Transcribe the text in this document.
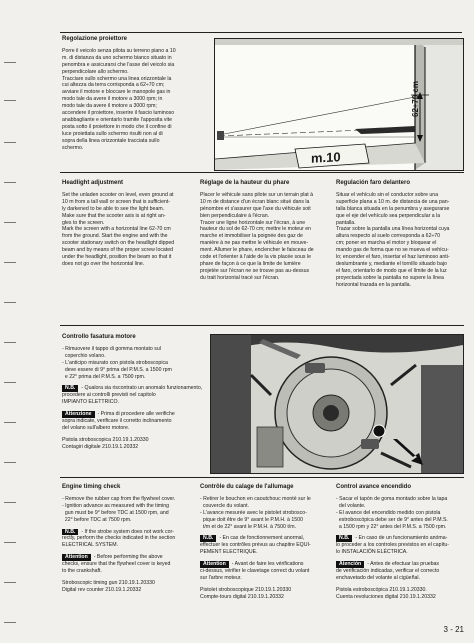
Regolazione proiettore

Porre il veicolo senza pilota su terreno piano a 10
m. di distanza da uno schermo bianco situato in
penombra e assicurarsi che l'asse del veicolo sia
perpendicolare allo schermo.
Tracciare sullo schermo una linea orizzontale la
cui altezza da terra corrisponda a 62÷70 cm;
avviare il motore e bloccare le manopole gas in
modo tale da avere il motore a 3000 rpm; in
modo tale da avere il motore a 3000 rpm;
accendere il proiettore, inserire il fascio luminoso
anabbagliante e orientarlo tramite l'apposita vite
posta sotto il proiettore in modo che il confine di
luce proiettata sullo schermo risulti non al di
sopra della linea orizzontale tracciata sullo
schermo.

m.10
62÷70 cm
Headlight adjustment

Set the unladen scooter on level, even ground at
10 m from a tall wall or screen that is sufficient-
ly darkened to be able to see the light beam.
Make sure that the scooter axis is at right an-
gles to the screen.
Mark the screen with a horizontal line 62-70 cm
from the ground. Start the engine and with the
scooter stationary switch on the headlight dipped
beam and by means of the proper screw located
under the headlight, position the beam so that it
does not go over the horizontal line.

Réglage de la hauteur du phare

Placer le véhicule sans pilote sur un terrain plat à
10 m de distance d'un écran blanc situé dans la
pénombre et s'assurer que l'axe du véhicule soit
bien perpendiculaire à l'écran.
Tracer une ligne horizontale sur l'écran, à une
hauteur du sol de 62-70 cm; mettre le moteur en
marche et immobiliser la poignée des gaz de
manière à ne pas mettre le véhicule en mouve-
ment. Allumer le phare, enclencher le faisceau de
code et l'orienter à l'aide de la vis placée sous le
phare de façon à ce que la limite de lumière
projetée sur l'écran ne se trouve pas au-dessus
du trait horizontal tracé sur l'écran.

Regulación faro delantero

Situar el vehículo sin el conductor sobre una
superficie plana a 10 m. de distancia de una pan-
talla blanca situada en la penumbra y asegurarse
que el eje del vehículo sea perpendicular a la
pantalla.
Trazar sobre la pantalla una línea horizontal cuya
altura respecto al suelo corresponda a 62÷70
cm; poner en marcha el motor y bloquear el
mando gas de forma que no se mueva el vehícu-
lo; encender el faro, insertar el haz luminoso anti-
deslumbrante y, mediante el tornillo situado bajo
el faro, orientarlo de modo que el límite de la luz
proyectada sobre la pantalla no supere la línea
horizontal trazada en la pantalla.

Controllo fasatura motore

- Rimuovere il tappo di gomma montato sul
coperchio volano.
- L'anticipo misurato con pistola stroboscopica
deve essere di 9° prima del P.M.S. a 1500 rpm
e 22° prima del P.M.S. a 7500 rpm.

N.B. - Qualora sia riscontrato un anomalo funzionamento,
procedere ai controlli previsti nel capitolo
IMPIANTO ELETTRICO.

Attenzione - Prima di procedere alle verifiche
sopra indicate, verificare il corretto inclinamento
del volano sull'albero motore.

Pistola stroboscopica 210.19.1.20330
Contagiri digitale 210.19.1.20332

Engine timing check

- Remove the rubber cap from the flywheel cover.
- Ignition advance as measured with the timing
gun must be 9° before TDC at 1500 rpm, and
22° before TDC at 7500 rpm.

N.B. - If the strobe system does not work cor-
rectly, perform the checks indicated in the section
ELECTRICAL SYSTEM.

Attention - Before performing the above
checks, ensure that the flywheel cover is keyed
to the crankshaft.

Stroboscopic timing gun 210.19.1.20330
Digital rev counter 210.19.1.20332

Contrôle du calage de l'allumage

- Retirer le bouchon en caoutchouc monté sur le
couvercle du volant.
- L'avance mesurée avec le pistolet strobosco-
pique doit être de 9° avant le P.M.H. à 1500
t/m et de 22° avant le P.M.H. à 7500 t/m.

N.B. - En cas de fonctionnement anormal,
effectuer les contrôles prévus au chapitre EQUI-
PEMENT ELECTRIQUE.

Attention - Avant de faire les vérifications
ci-dessus, vérifier le clavetage correct du volant
sur l'arbre moteur.

Pistolet stroboscopique 210.19.1.20330
Compte-tours digital 210.19.1.20332

Control avance encendido

- Sacar el tapón de goma montado sobre la tapa
del volante.
- El avance del encendido medido con pistola
estroboscópica debe ser de 9° antes del P.M.S.
a 1500 rpm y 22° antes del P.M.S. a 7500 rpm.

N.B. - En caso de un funcionamiento anóma-
lo proceder a los controles previstos en el capítu-
lo INSTALACIÓN ELÉCTRICA.

Atención - Antes de efectuar las pruebas
de verificación indicadas, verificar el correcto
enchavetado del volante al cigüeñal.

Pistola estroboscópica 210.19.1.20330.
Cuenta revoluciones digital 210.19.1.20332

3 - 21
